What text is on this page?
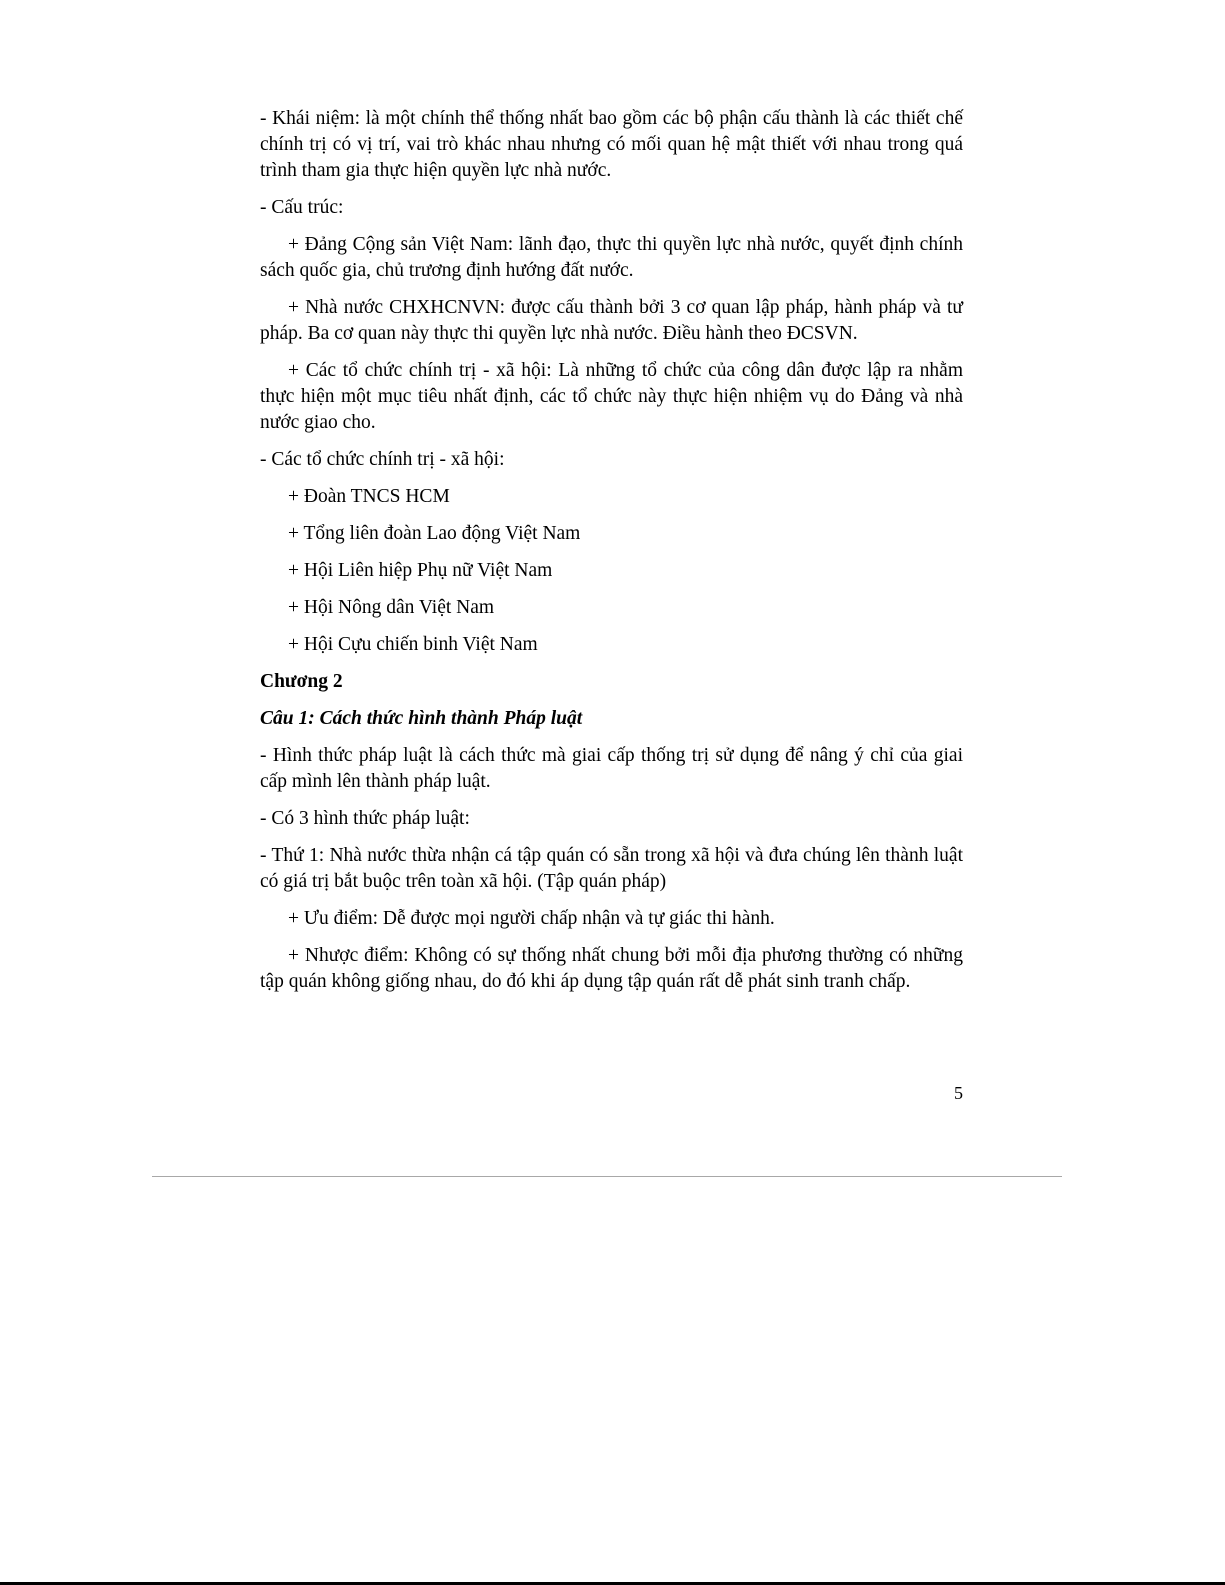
- Khái niệm: là một chính thể thống nhất bao gồm các bộ phận cấu thành là các thiết chế chính trị có vị trí, vai trò khác nhau nhưng có mối quan hệ mật thiết với nhau trong quá trình tham gia thực hiện quyền lực nhà nước.

- Cấu trúc:

+ Đảng Cộng sản Việt Nam: lãnh đạo, thực thi quyền lực nhà nước, quyết định chính sách quốc gia, chủ trương định hướng đất nước.

+ Nhà nước CHXHCNVN: được cấu thành bởi 3 cơ quan lập pháp, hành pháp và tư pháp. Ba cơ quan này thực thi quyền lực nhà nước. Điều hành theo ĐCSVN.

+ Các tổ chức chính trị - xã hội: Là những tổ chức của công dân được lập ra nhằm thực hiện một mục tiêu nhất định, các tổ chức này thực hiện nhiệm vụ do Đảng và nhà nước giao cho.

- Các tổ chức chính trị - xã hội:

+ Đoàn TNCS HCM

+ Tổng liên đoàn Lao động Việt Nam

+ Hội Liên hiệp Phụ nữ Việt Nam

+ Hội Nông dân Việt Nam

+ Hội Cựu chiến binh Việt Nam

Chương 2

Câu 1: Cách thức hình thành Pháp luật

- Hình thức pháp luật là cách thức mà giai cấp thống trị sử dụng để nâng ý chỉ của giai cấp mình lên thành pháp luật.

- Có 3 hình thức pháp luật:

- Thứ 1: Nhà nước thừa nhận cá tập quán có sẵn trong xã hội và đưa chúng lên thành luật có giá trị bắt buộc trên toàn xã hội. (Tập quán pháp)

+ Ưu điểm: Dễ được mọi người chấp nhận và tự giác thi hành.

+ Nhược điểm: Không có sự thống nhất chung bởi mỗi địa phương thường có những tập quán không giống nhau, do đó khi áp dụng tập quán rất dễ phát sinh tranh chấp.

5
